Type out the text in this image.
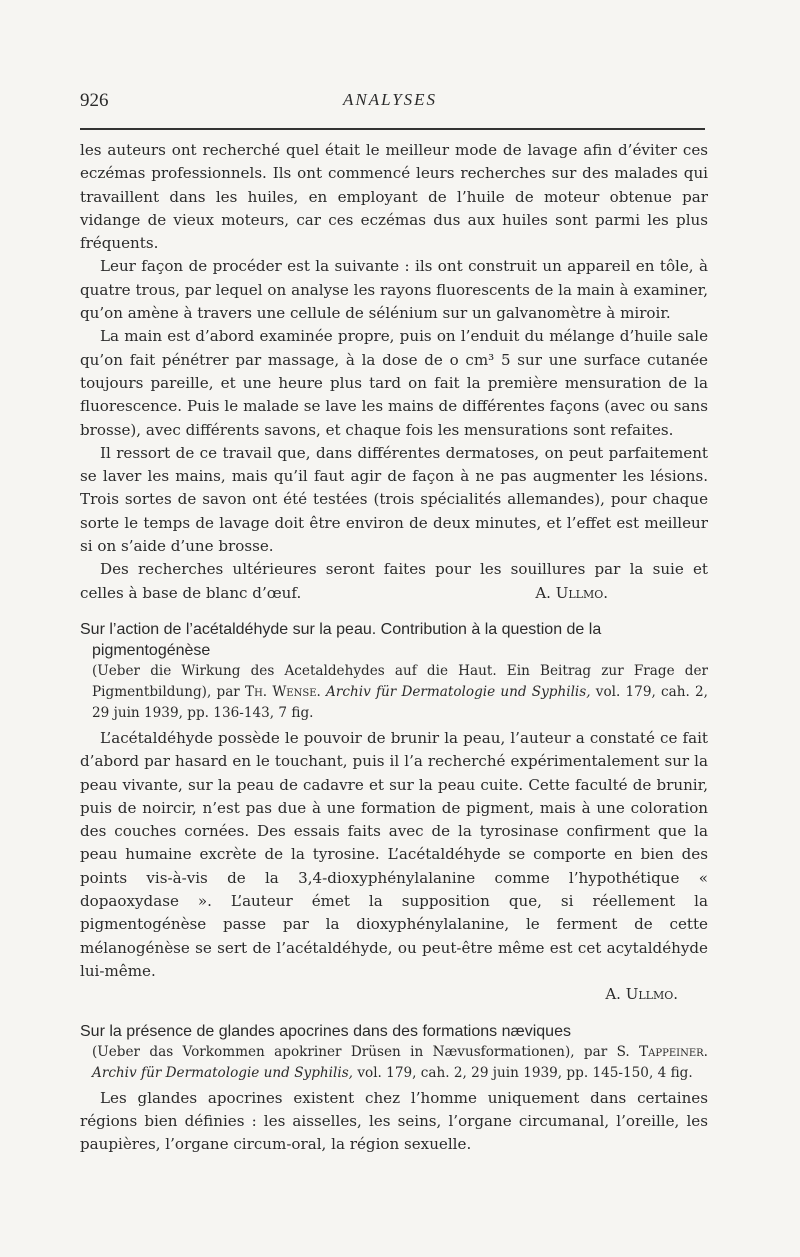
926	ANALYSES

les auteurs ont recherché quel était le meilleur mode de lavage afin d’éviter ces eczémas professionnels. Ils ont commencé leurs recherches sur des malades qui travaillent dans les huiles, en employant de l’huile de moteur obtenue par vidange de vieux moteurs, car ces eczémas dus aux huiles sont parmi les plus fréquents.

Leur façon de procéder est la suivante : ils ont construit un appareil en tôle, à quatre trous, par lequel on analyse les rayons fluorescents de la main à examiner, qu’on amène à travers une cellule de sélénium sur un galvanomètre à miroir.

La main est d’abord examinée propre, puis on l’enduit du mélange d’huile sale qu’on fait pénétrer par massage, à la dose de o cm³ 5 sur une surface cutanée toujours pareille, et une heure plus tard on fait la première mensuration de la fluorescence. Puis le malade se lave les mains de différentes façons (avec ou sans brosse), avec différents savons, et chaque fois les mensurations sont refaites.

Il ressort de ce travail que, dans différentes dermatoses, on peut parfaitement se laver les mains, mais qu’il faut agir de façon à ne pas augmenter les lésions. Trois sortes de savon ont été testées (trois spécialités allemandes), pour chaque sorte le temps de lavage doit être environ de deux minutes, et l’effet est meilleur si on s’aide d’une brosse.

Des recherches ultérieures seront faites pour les souillures par la suie et celles à base de blanc d’œuf.	A. Ullmo.

Sur l’action de l’acétaldéhyde sur la peau. Contribution à la question de la pigmentogénèse

(Ueber die Wirkung des Acetaldehydes auf die Haut. Ein Beitrag zur Frage der Pigmentbildung), par Th. Wense. Archiv für Dermatologie und Syphilis, vol. 179, cah. 2, 29 juin 1939, pp. 136-143, 7 fig.

L’acétaldéhyde possède le pouvoir de brunir la peau, l’auteur a constaté ce fait d’abord par hasard en le touchant, puis il l’a recherché expérimentalement sur la peau vivante, sur la peau de cadavre et sur la peau cuite. Cette faculté de brunir, puis de noircir, n’est pas due à une formation de pigment, mais à une coloration des couches cornées. Des essais faits avec de la tyrosinase confirment que la peau humaine excrète de la tyrosine. L’acétaldéhyde se comporte en bien des points vis-à-vis de la 3,4-dioxyphénylalanine comme l’hypothétique « dopaoxydase ». L’auteur émet la supposition que, si réellement la pigmentogénèse passe par la dioxyphénylalanine, le ferment de cette mélanogénèse se sert de l’acétaldéhyde, ou peut-être même est cet acytaldéhyde lui-même.

A. Ullmo.

Sur la présence de glandes apocrines dans des formations næviques

(Ueber das Vorkommen apokriner Drüsen in Nævusformationen), par S. Tappeiner. Archiv für Dermatologie und Syphilis, vol. 179, cah. 2, 29 juin 1939, pp. 145-150, 4 fig.

Les glandes apocrines existent chez l’homme uniquement dans certaines régions bien définies : les aisselles, les seins, l’organe circumanal, l’oreille, les paupières, l’organe circum-oral, la région sexuelle.
